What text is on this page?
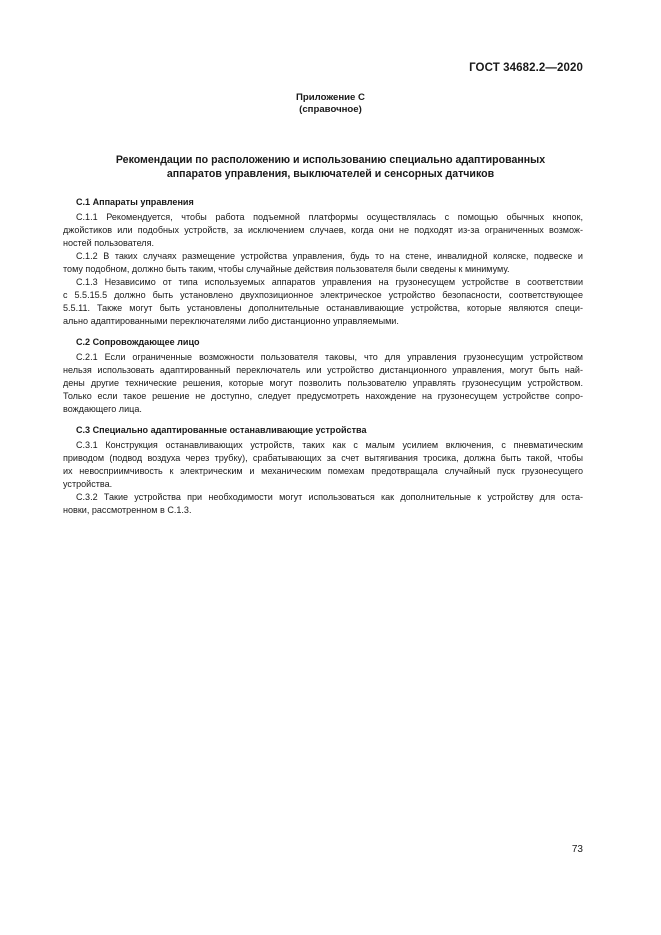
ГОСТ 34682.2—2020
Приложение С
(справочное)
Рекомендации по расположению и использованию специально адаптированных
аппаратов управления, выключателей и сенсорных датчиков
С.1 Аппараты управления
С.1.1 Рекомендуется, чтобы работа подъемной платформы осуществлялась с помощью обычных кнопок,
джойстиков или подобных устройств, за исключением случаев, когда они не подходят из-за ограниченных возмож-
ностей пользователя.
С.1.2 В таких случаях размещение устройства управления, будь то на стене, инвалидной коляске, подвеске и
тому подобном, должно быть таким, чтобы случайные действия пользователя были сведены к минимуму.
С.1.3 Независимо от типа используемых аппаратов управления на грузонесущем устройстве в соответствии
с 5.5.15.5 должно быть установлено двухпозиционное электрическое устройство безопасности, соответствующее
5.5.11. Также могут быть установлены дополнительные останавливающие устройства, которые являются специ-
ально адаптированными переключателями либо дистанционно управляемыми.
С.2 Сопровождающее лицо
С.2.1 Если ограниченные возможности пользователя таковы, что для управления грузонесущим устройством
нельзя использовать адаптированный переключатель или устройство дистанционного управления, могут быть най-
дены другие технические решения, которые могут позволить пользователю управлять грузонесущим устройством.
Только если такое решение не доступно, следует предусмотреть нахождение на грузонесущем устройстве сопро-
вождающего лица.
С.3 Специально адаптированные останавливающие устройства
С.3.1 Конструкция останавливающих устройств, таких как с малым усилием включения, с пневматическим
приводом (подвод воздуха через трубку), срабатывающих за счет вытягивания тросика, должна быть такой, чтобы
их невосприимчивость к электрическим и механическим помехам предотвращала случайный пуск грузонесущего
устройства.
С.3.2 Такие устройства при необходимости могут использоваться как дополнительные к устройству для оста-
новки, рассмотренном в С.1.3.
73
